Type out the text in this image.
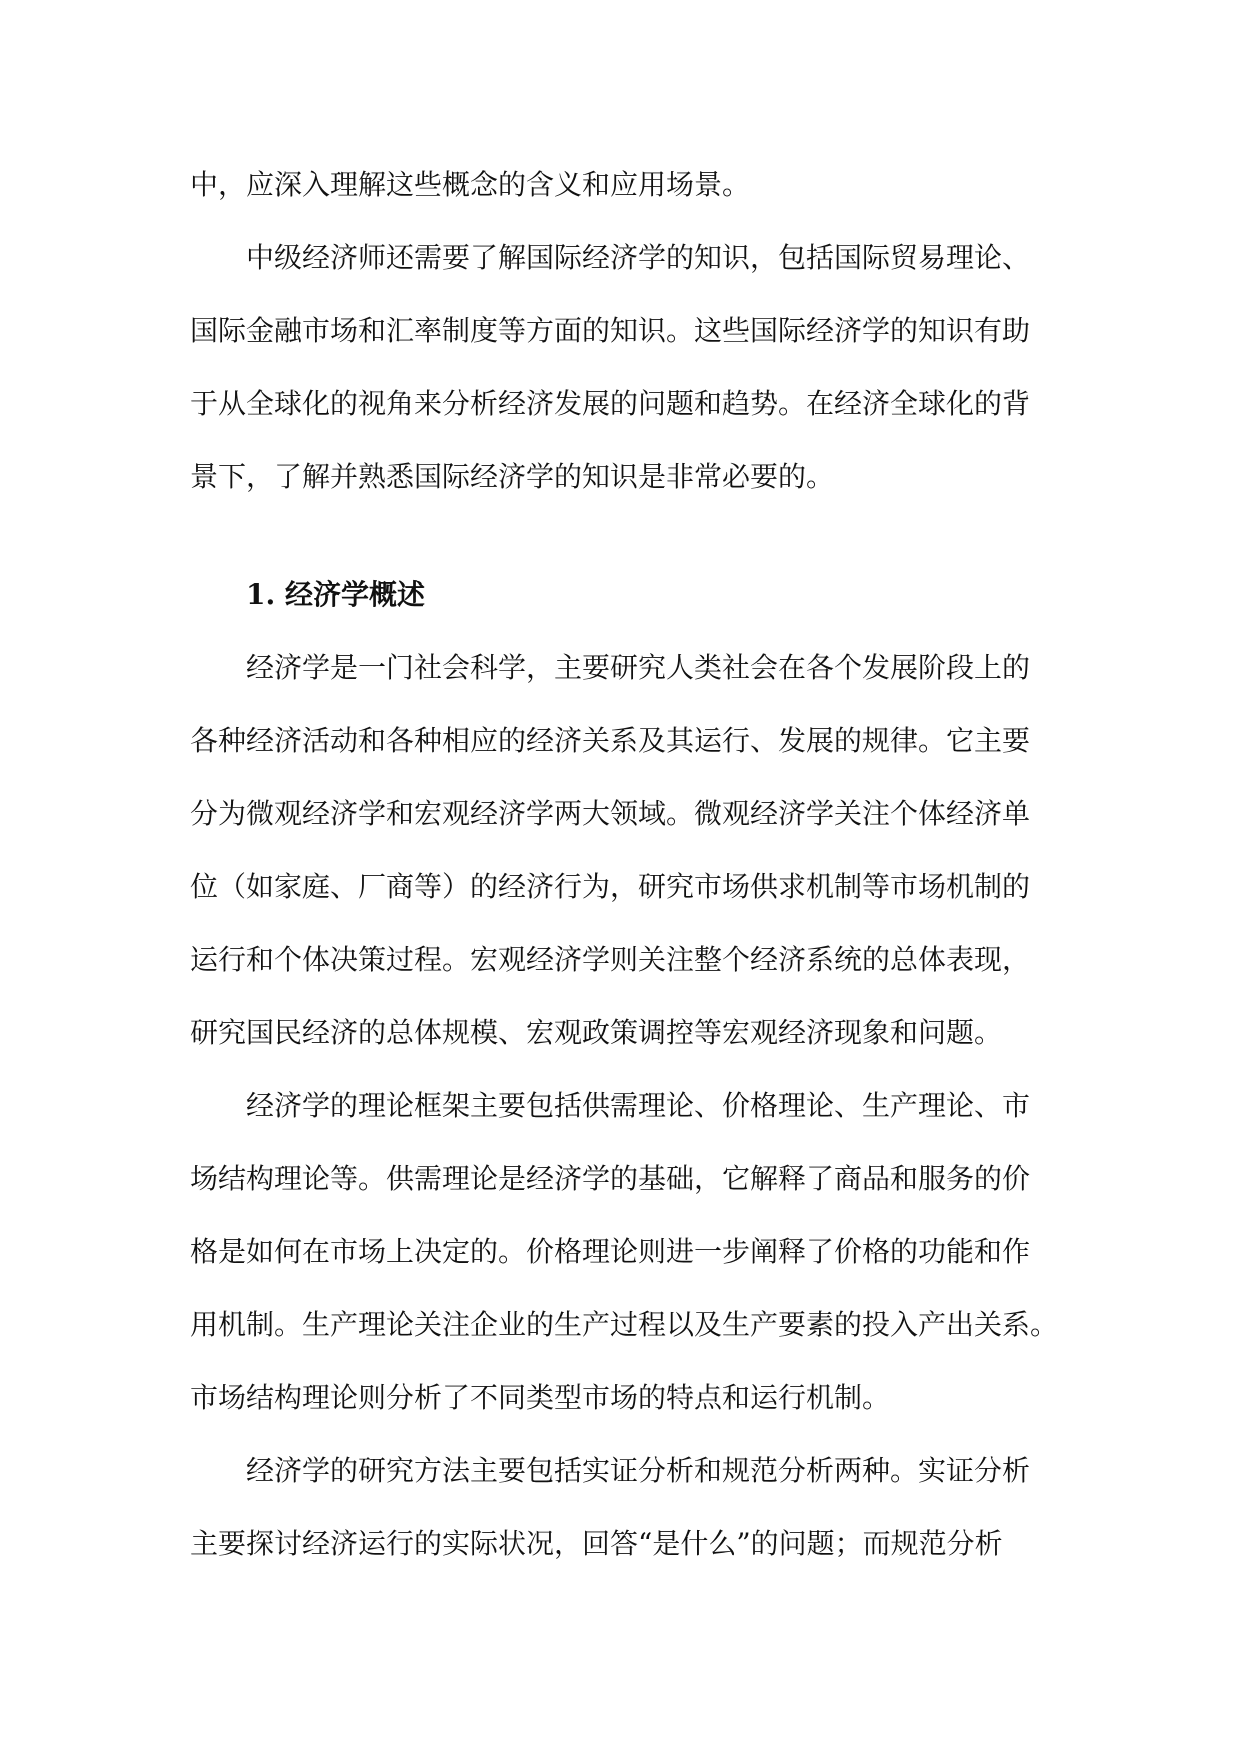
中，应深入理解这些概念的含义和应用场景。
中级经济师还需要了解国际经济学的知识，包括国际贸易理论、
国际金融市场和汇率制度等方面的知识。这些国际经济学的知识有助
于从全球化的视角来分析经济发展的问题和趋势。在经济全球化的背
景下，了解并熟悉国际经济学的知识是非常必要的。
1. 经济学概述
经济学是一门社会科学，主要研究人类社会在各个发展阶段上的
各种经济活动和各种相应的经济关系及其运行、发展的规律。它主要
分为微观经济学和宏观经济学两大领域。微观经济学关注个体经济单
位（如家庭、厂商等）的经济行为，研究市场供求机制等市场机制的
运行和个体决策过程。宏观经济学则关注整个经济系统的总体表现，
研究国民经济的总体规模、宏观政策调控等宏观经济现象和问题。
经济学的理论框架主要包括供需理论、价格理论、生产理论、市
场结构理论等。供需理论是经济学的基础，它解释了商品和服务的价
格是如何在市场上决定的。价格理论则进一步阐释了价格的功能和作
用机制。生产理论关注企业的生产过程以及生产要素的投入产出关系。
市场结构理论则分析了不同类型市场的特点和运行机制。
经济学的研究方法主要包括实证分析和规范分析两种。实证分析
主要探讨经济运行的实际状况，回答“是什么”的问题；而规范分析
